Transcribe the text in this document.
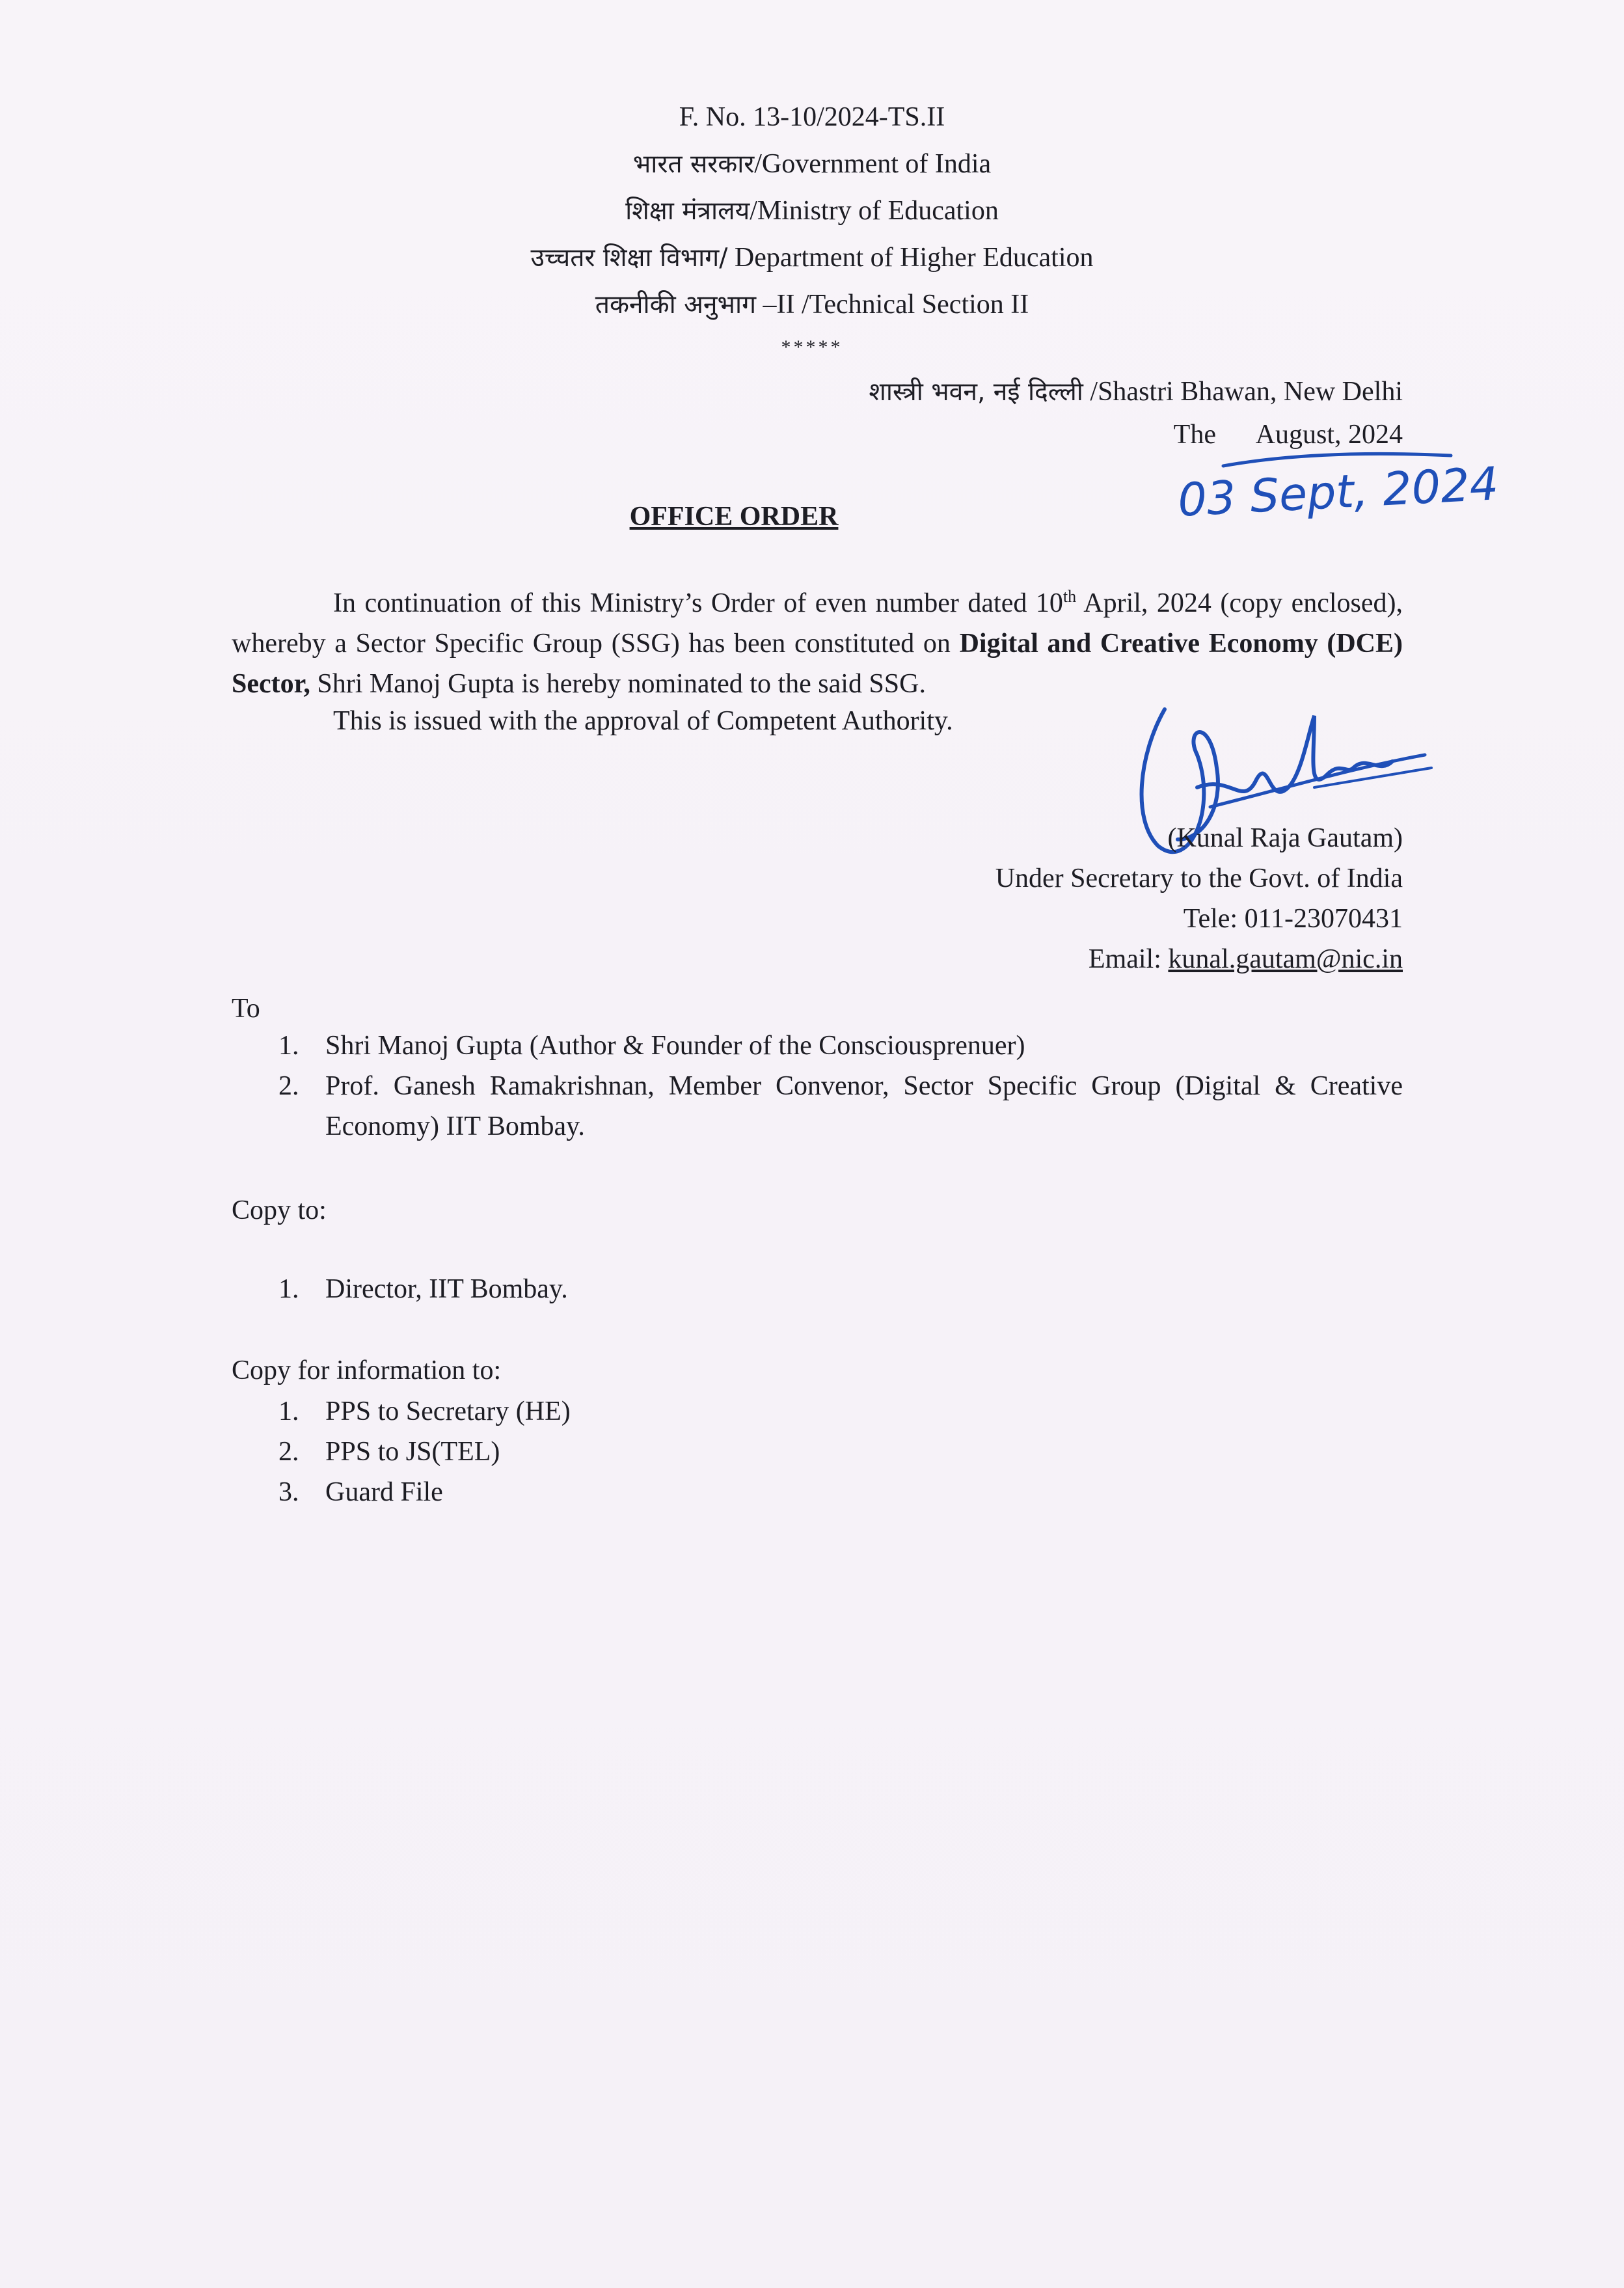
F. No. 13-10/2024-TS.II
भारत सरकार/Government of India
शिक्षा मंत्रालय/Ministry of Education
उच्चतर शिक्षा विभाग/ Department of Higher Education
तकनीकी अनुभाग –II /Technical Section II
*****
शास्त्री भवन, नई दिल्ली /Shastri Bhawan, New Delhi
The      August, 2024
03 Sept, 2024
OFFICE ORDER
In continuation of this Ministry’s Order of even number dated 10th April, 2024 (copy enclosed), whereby a Sector Specific Group (SSG) has been constituted on Digital and Creative Economy (DCE) Sector, Shri Manoj Gupta is hereby nominated to the said SSG.
This is issued with the approval of Competent Authority.
(Kunal Raja Gautam)
Under Secretary to the Govt. of India
Tele: 011-23070431
Email: kunal.gautam@nic.in
To
1. Shri Manoj Gupta (Author & Founder of the Consciousprenuer)
2. Prof. Ganesh Ramakrishnan, Member Convenor, Sector Specific Group (Digital & Creative Economy) IIT Bombay.
Copy to:
1. Director, IIT Bombay.
Copy for information to:
1. PPS to Secretary (HE)
2. PPS to JS(TEL)
3. Guard File
